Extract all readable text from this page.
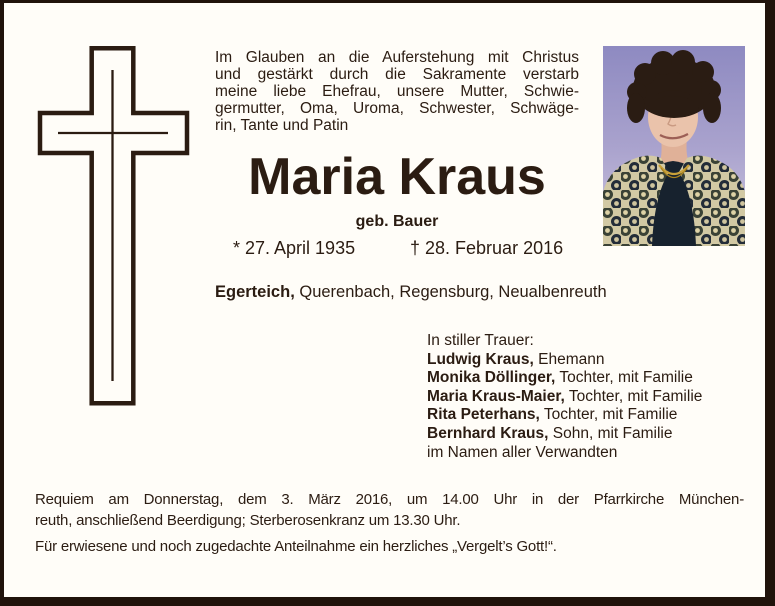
Im Glauben an die Auferstehung mit Christus
und gestärkt durch die Sakramente verstarb
meine liebe Ehefrau, unsere Mutter, Schwie-
germutter, Oma, Uroma, Schwester, Schwäge-
rin, Tante und Patin
Maria Kraus
geb. Bauer
* 27. April 1935	† 28. Februar 2016
Egerteich, Querenbach, Regensburg, Neualbenreuth
In stiller Trauer:
Ludwig Kraus, Ehemann
Monika Döllinger, Tochter, mit Familie
Maria Kraus-Maier, Tochter, mit Familie
Rita Peterhans, Tochter, mit Familie
Bernhard Kraus, Sohn, mit Familie
im Namen aller Verwandten
Requiem am Donnerstag, dem 3. März 2016, um 14.00 Uhr in der Pfarrkirche München-
reuth, anschließend Beerdigung; Sterberosenkranz um 13.30 Uhr.
Für erwiesene und noch zugedachte Anteilnahme ein herzliches „Vergelt’s Gott!“.
